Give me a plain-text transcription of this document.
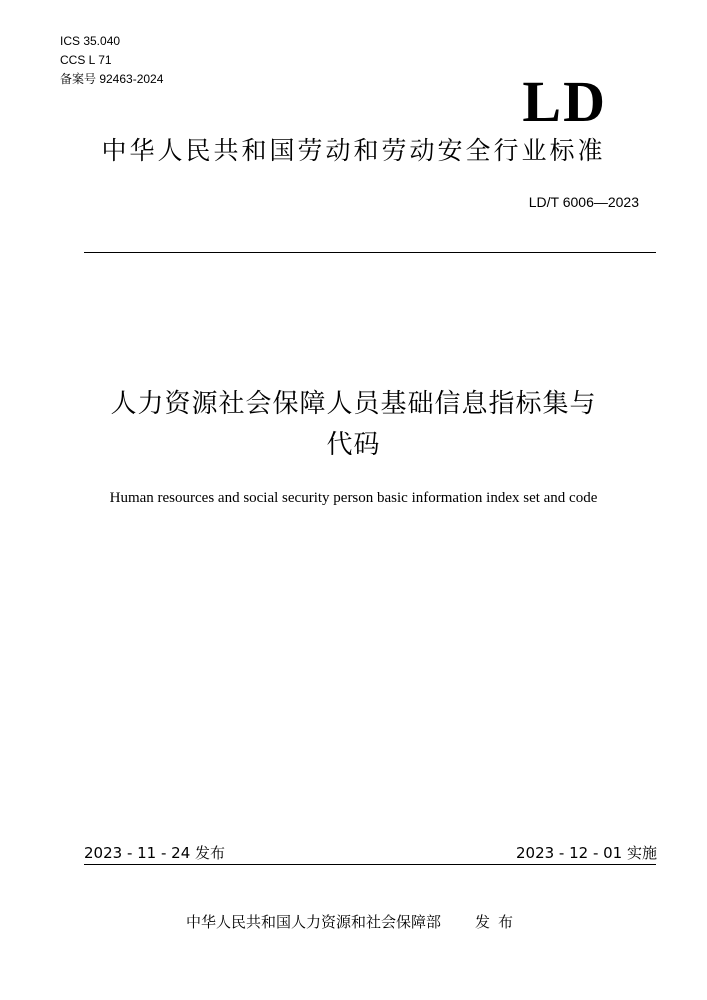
ICS 35.040
CCS L 71
备案号 92463-2024	LD
中华人民共和国劳动和劳动安全行业标准
LD/T 6006—2023
人力资源社会保障人员基础信息指标集与
代码
Human resources and social security person basic information index set and code
2023 - 11 - 24 发布	2023 - 12 - 01 实施
中华人民共和国人力资源和社会保障部 发布
